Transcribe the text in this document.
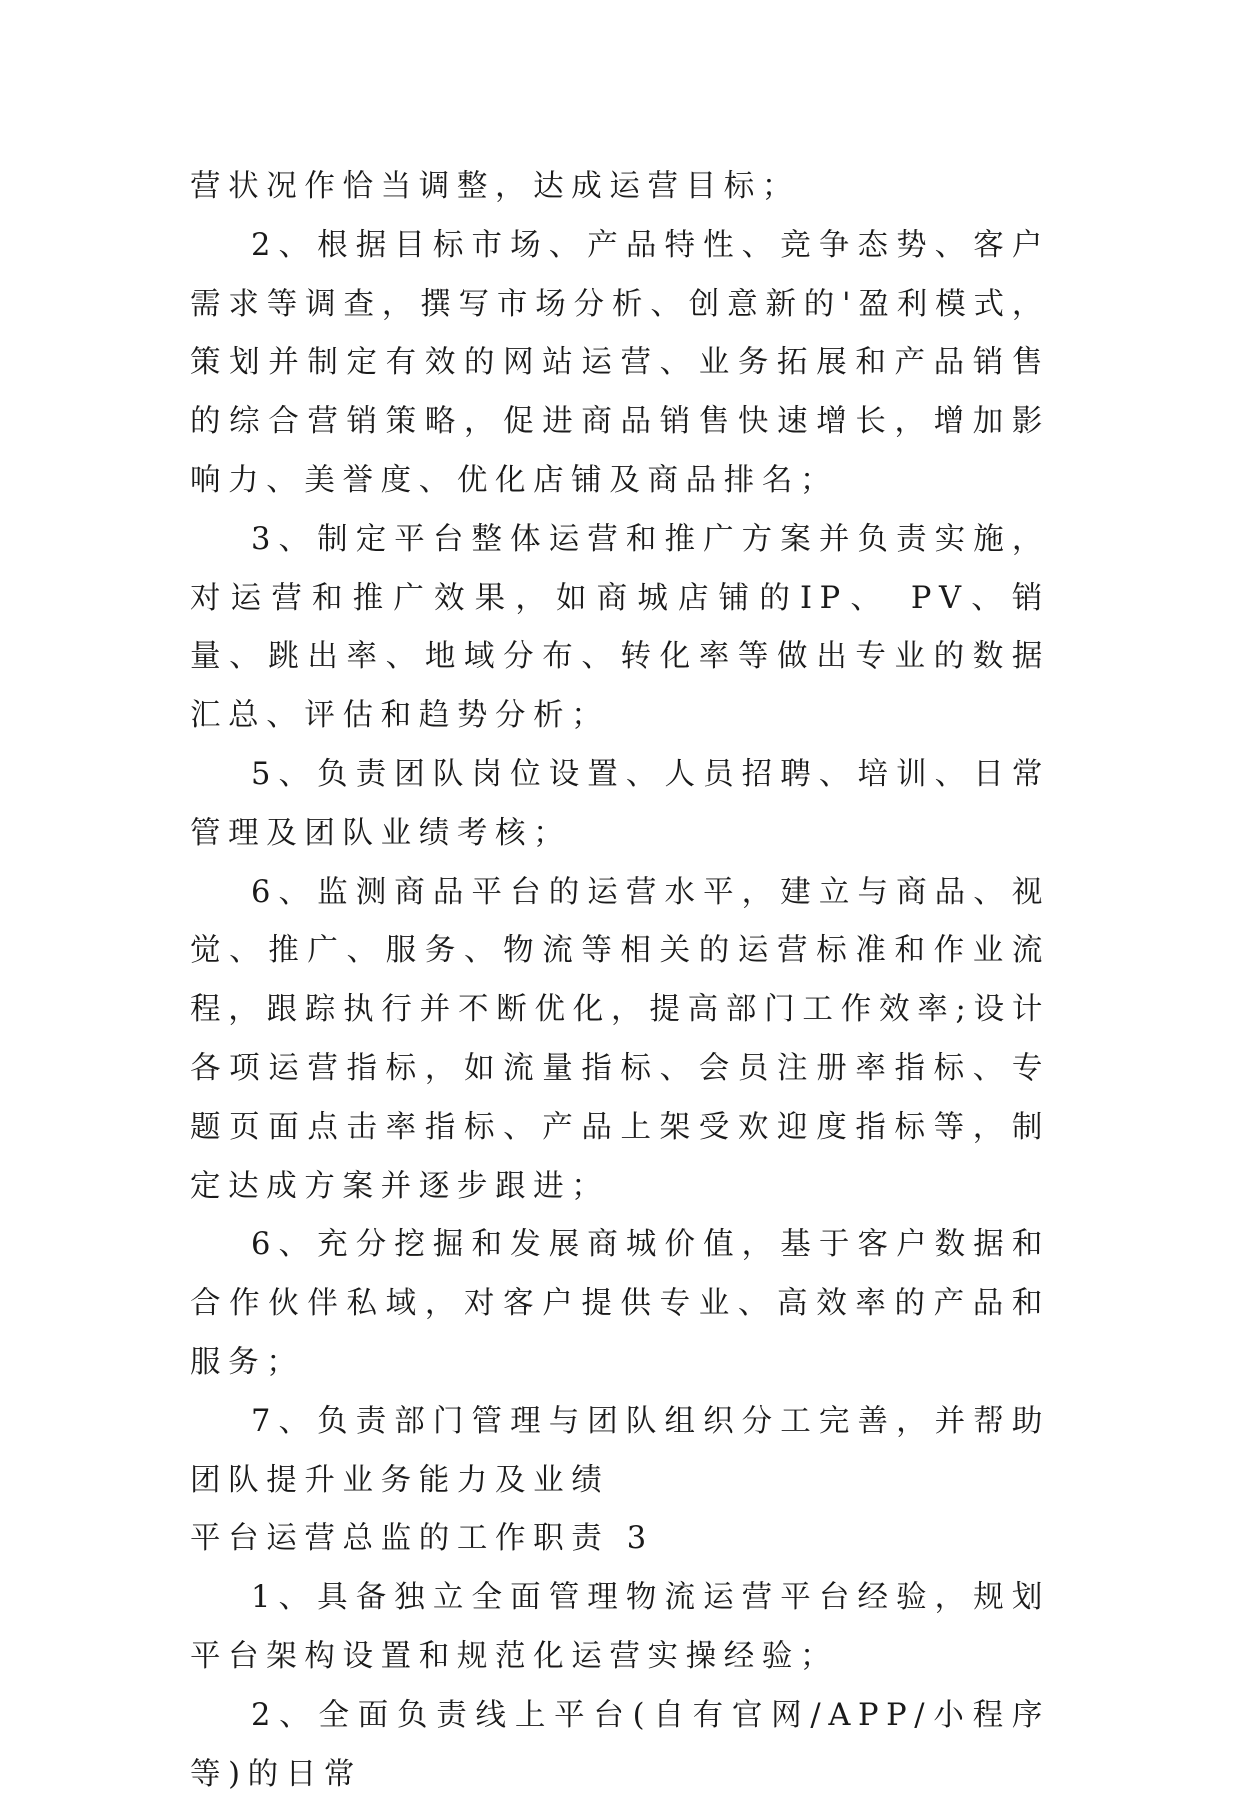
营状况作恰当调整，达成运营目标；

2、根据目标市场、产品特性、竞争态势、客户需求等调查，撰写市场分析、创意新的'盈利模式，策划并制定有效的网站运营、业务拓展和产品销售的综合营销策略，促进商品销售快速增长，增加影响力、美誉度、优化店铺及商品排名；

3、制定平台整体运营和推广方案并负责实施，对运营和推广效果，如商城店铺的IP、 PV、销量、跳出率、地域分布、转化率等做出专业的数据汇总、评估和趋势分析；

5、负责团队岗位设置、人员招聘、培训、日常管理及团队业绩考核；

6、监测商品平台的运营水平，建立与商品、视觉、推广、服务、物流等相关的运营标准和作业流程，跟踪执行并不断优化，提高部门工作效率;设计各项运营指标，如流量指标、会员注册率指标、专题页面点击率指标、产品上架受欢迎度指标等，制定达成方案并逐步跟进；

6、充分挖掘和发展商城价值，基于客户数据和合作伙伴私域，对客户提供专业、高效率的产品和服务；

7、负责部门管理与团队组织分工完善，并帮助团队提升业务能力及业绩

平台运营总监的工作职责 3

1、具备独立全面管理物流运营平台经验，规划平台架构设置和规范化运营实操经验；

2、全面负责线上平台(自有官网/APP/小程序等)的日常
